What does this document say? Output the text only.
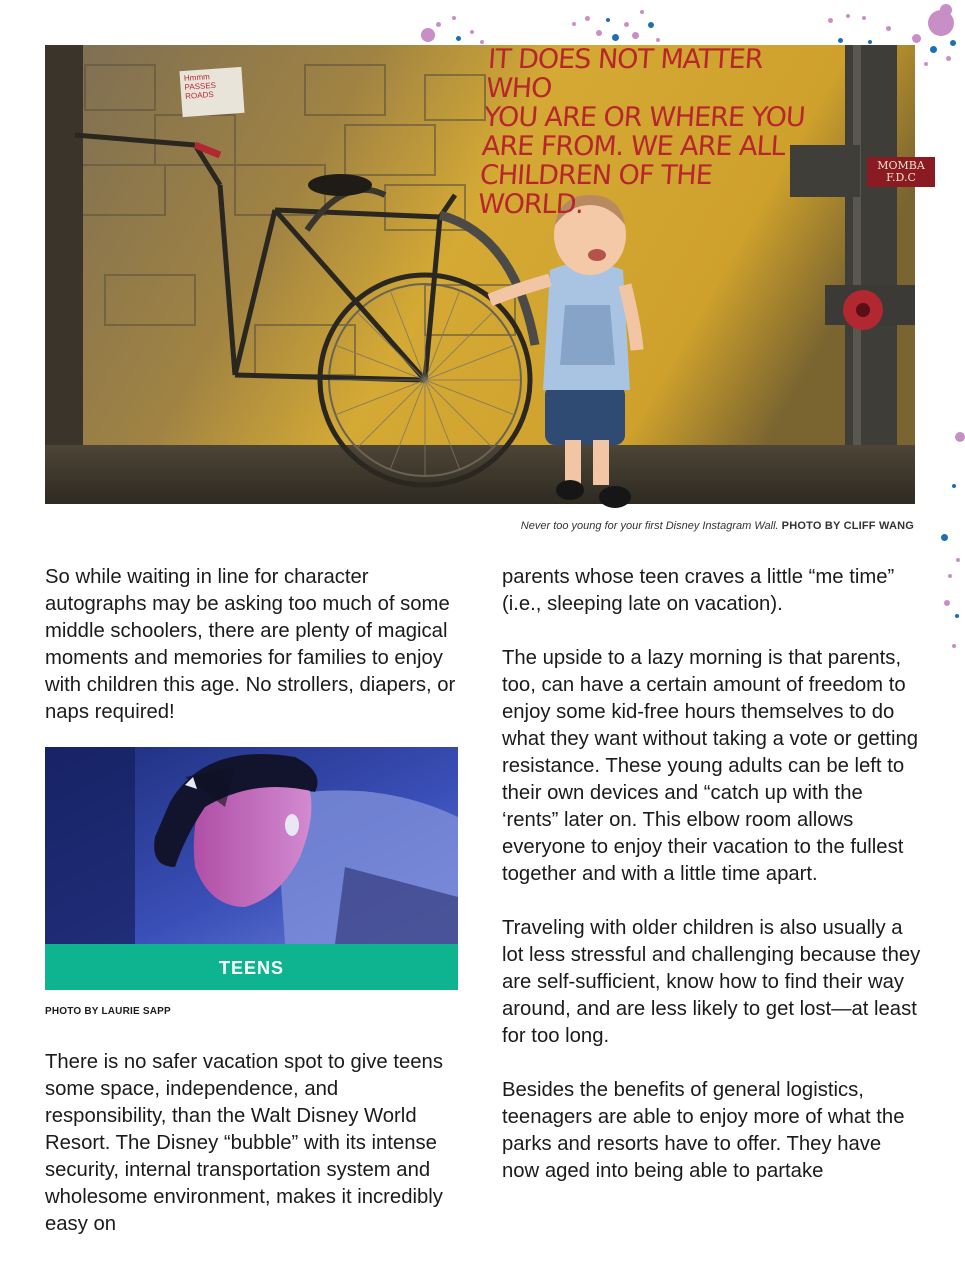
Hmmm
PASSES
ROADS
IT DOES NOT MATTER WHO
YOU ARE OR WHERE YOU
ARE FROM. WE ARE ALL
CHILDREN OF THE WORLD.
MOMBA
F.D.C
Never too young for your first Disney Instagram Wall. PHOTO BY CLIFF WANG

So while waiting in line for character autographs may be asking too much of some middle schoolers, there are plenty of magical moments and memories for families to enjoy with children this age. No strollers, diapers, or naps required!

TEENS
PHOTO BY LAURIE SAPP

There is no safer vacation spot to give teens some space, independence, and responsibility, than the Walt Disney World Resort. The Disney “bubble” with its intense security, internal transportation system and wholesome environment, makes it incredibly easy on

parents whose teen craves a little “me time” (i.e., sleeping late on vacation).

The upside to a lazy morning is that parents, too, can have a certain amount of freedom to enjoy some kid-free hours themselves to do what they want without taking a vote or getting resistance. These young adults can be left to their own devices and “catch up with the ‘rents” later on. This elbow room allows everyone to enjoy their vacation to the fullest together and with a little time apart.

Traveling with older children is also usually a lot less stressful and challenging because they are self-sufficient, know how to find their way around, and are less likely to get lost—at least for too long.

Besides the benefits of general logistics, teenagers are able to enjoy more of what the parks and resorts have to offer. They have now aged into being able to partake
